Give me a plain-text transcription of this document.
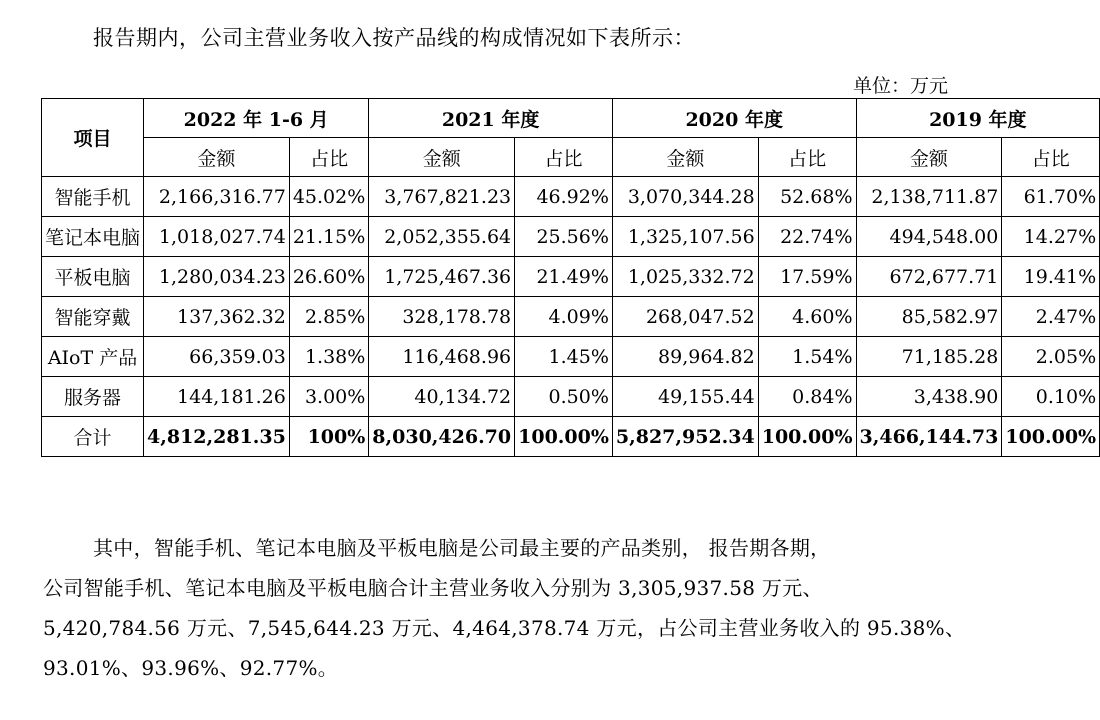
报告期内，公司主营业务收入按产品线的构成情况如下表所示：
单位：万元
项目	2022 年 1-6 月		2021 年度		2020 年度		2019 年度	
	金额	占比	金额	占比	金额	占比	金额	占比
智能手机	2,166,316.77	45.02%	3,767,821.23	46.92%	3,070,344.28	52.68%	2,138,711.87	61.70%
笔记本电脑	1,018,027.74	21.15%	2,052,355.64	25.56%	1,325,107.56	22.74%	494,548.00	14.27%
平板电脑	1,280,034.23	26.60%	1,725,467.36	21.49%	1,025,332.72	17.59%	672,677.71	19.41%
智能穿戴	137,362.32	2.85%	328,178.78	4.09%	268,047.52	4.60%	85,582.97	2.47%
AIoT 产品	66,359.03	1.38%	116,468.96	1.45%	89,964.82	1.54%	71,185.28	2.05%
服务器	144,181.26	3.00%	40,134.72	0.50%	49,155.44	0.84%	3,438.90	0.10%
合计	4,812,281.35	100%	8,030,426.70	100.00%	5,827,952.34	100.00%	3,466,144.73	100.00%
其中，智能手机、笔记本电脑及平板电脑是公司最主要的产品类别， 报告期各期，
公司智能手机、笔记本电脑及平板电脑合计主营业务收入分别为 3,305,937.58 万元、
5,420,784.56 万元、7,545,644.23 万元、4,464,378.74 万元，占公司主营业务收入的 95.38%、
93.01%、93.96%、92.77%。
